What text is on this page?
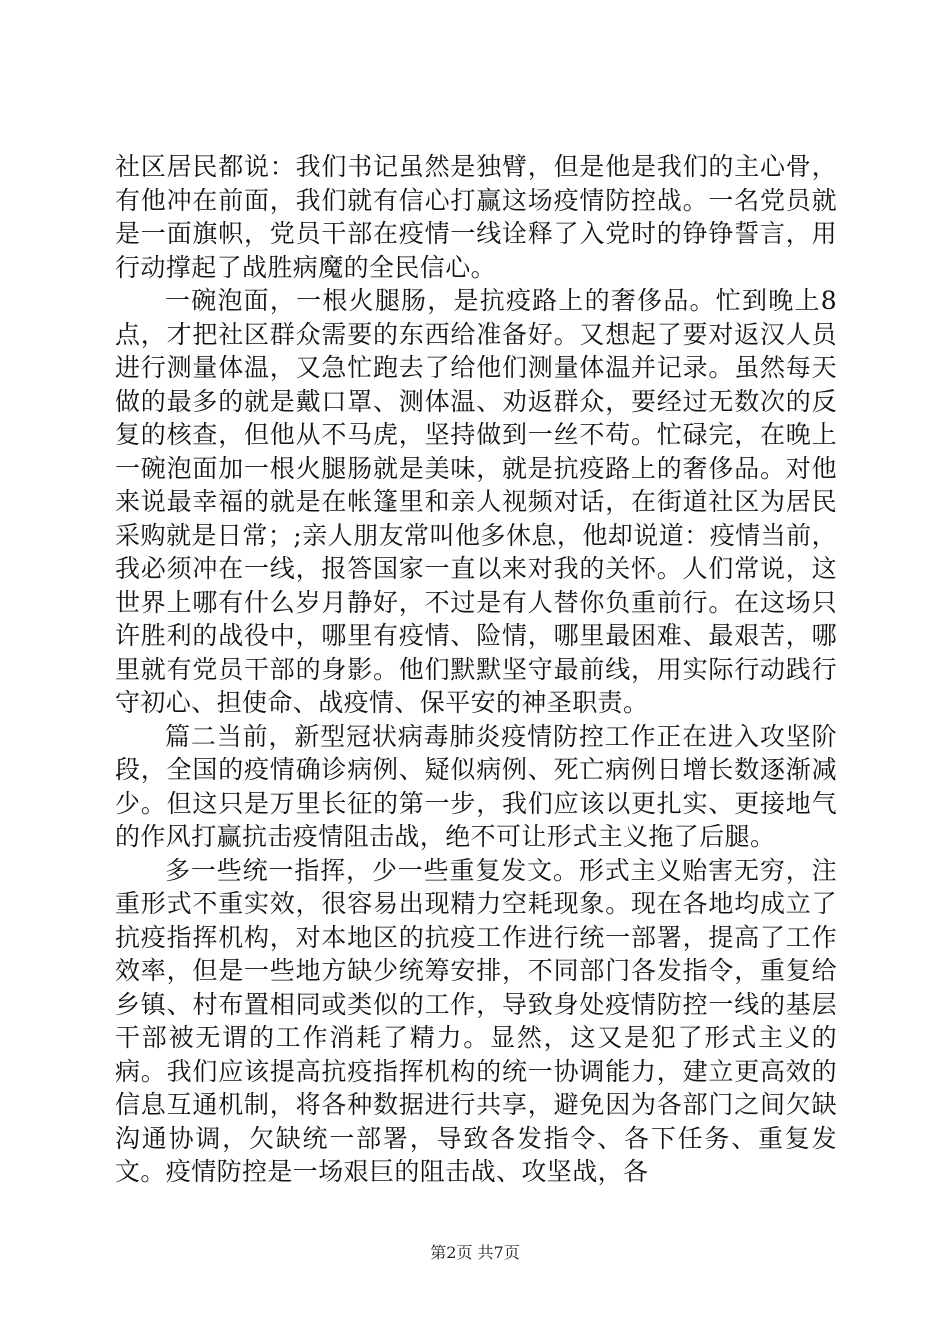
社区居民都说：我们书记虽然是独臂，但是他是我们的主心骨，有他冲在前面，我们就有信心打赢这场疫情防控战。一名党员就是一面旗帜，党员干部在疫情一线诠释了入党时的铮铮誓言，用行动撑起了战胜病魔的全民信心。

一碗泡面，一根火腿肠，是抗疫路上的奢侈品。忙到晚上8点，才把社区群众需要的东西给准备好。又想起了要对返汉人员进行测量体温，又急忙跑去了给他们测量体温并记录。虽然每天做的最多的就是戴口罩、测体温、劝返群众，要经过无数次的反复的核查，但他从不马虎，坚持做到一丝不苟。忙碌完，在晚上一碗泡面加一根火腿肠就是美味，就是抗疫路上的奢侈品。对他来说最幸福的就是在帐篷里和亲人视频对话，在街道社区为居民采购就是日常；;亲人朋友常叫他多休息，他却说道：疫情当前，我必须冲在一线，报答国家一直以来对我的关怀。人们常说，这世界上哪有什么岁月静好，不过是有人替你负重前行。在这场只许胜利的战役中，哪里有疫情、险情，哪里最困难、最艰苦，哪里就有党员干部的身影。他们默默坚守最前线，用实际行动践行守初心、担使命、战疫情、保平安的神圣职责。

篇二当前，新型冠状病毒肺炎疫情防控工作正在进入攻坚阶段，全国的疫情确诊病例、疑似病例、死亡病例日增长数逐渐减少。但这只是万里长征的第一步，我们应该以更扎实、更接地气的作风打赢抗击疫情阻击战，绝不可让形式主义拖了后腿。

多一些统一指挥，少一些重复发文。形式主义贻害无穷，注重形式不重实效，很容易出现精力空耗现象。现在各地均成立了抗疫指挥机构，对本地区的抗疫工作进行统一部署，提高了工作效率，但是一些地方缺少统筹安排，不同部门各发指令，重复给乡镇、村布置相同或类似的工作，导致身处疫情防控一线的基层干部被无谓的工作消耗了精力。显然，这又是犯了形式主义的病。我们应该提高抗疫指挥机构的统一协调能力，建立更高效的信息互通机制，将各种数据进行共享，避免因为各部门之间欠缺沟通协调，欠缺统一部署，导致各发指令、各下任务、重复发文。疫情防控是一场艰巨的阻击战、攻坚战，各

第2页 共7页
